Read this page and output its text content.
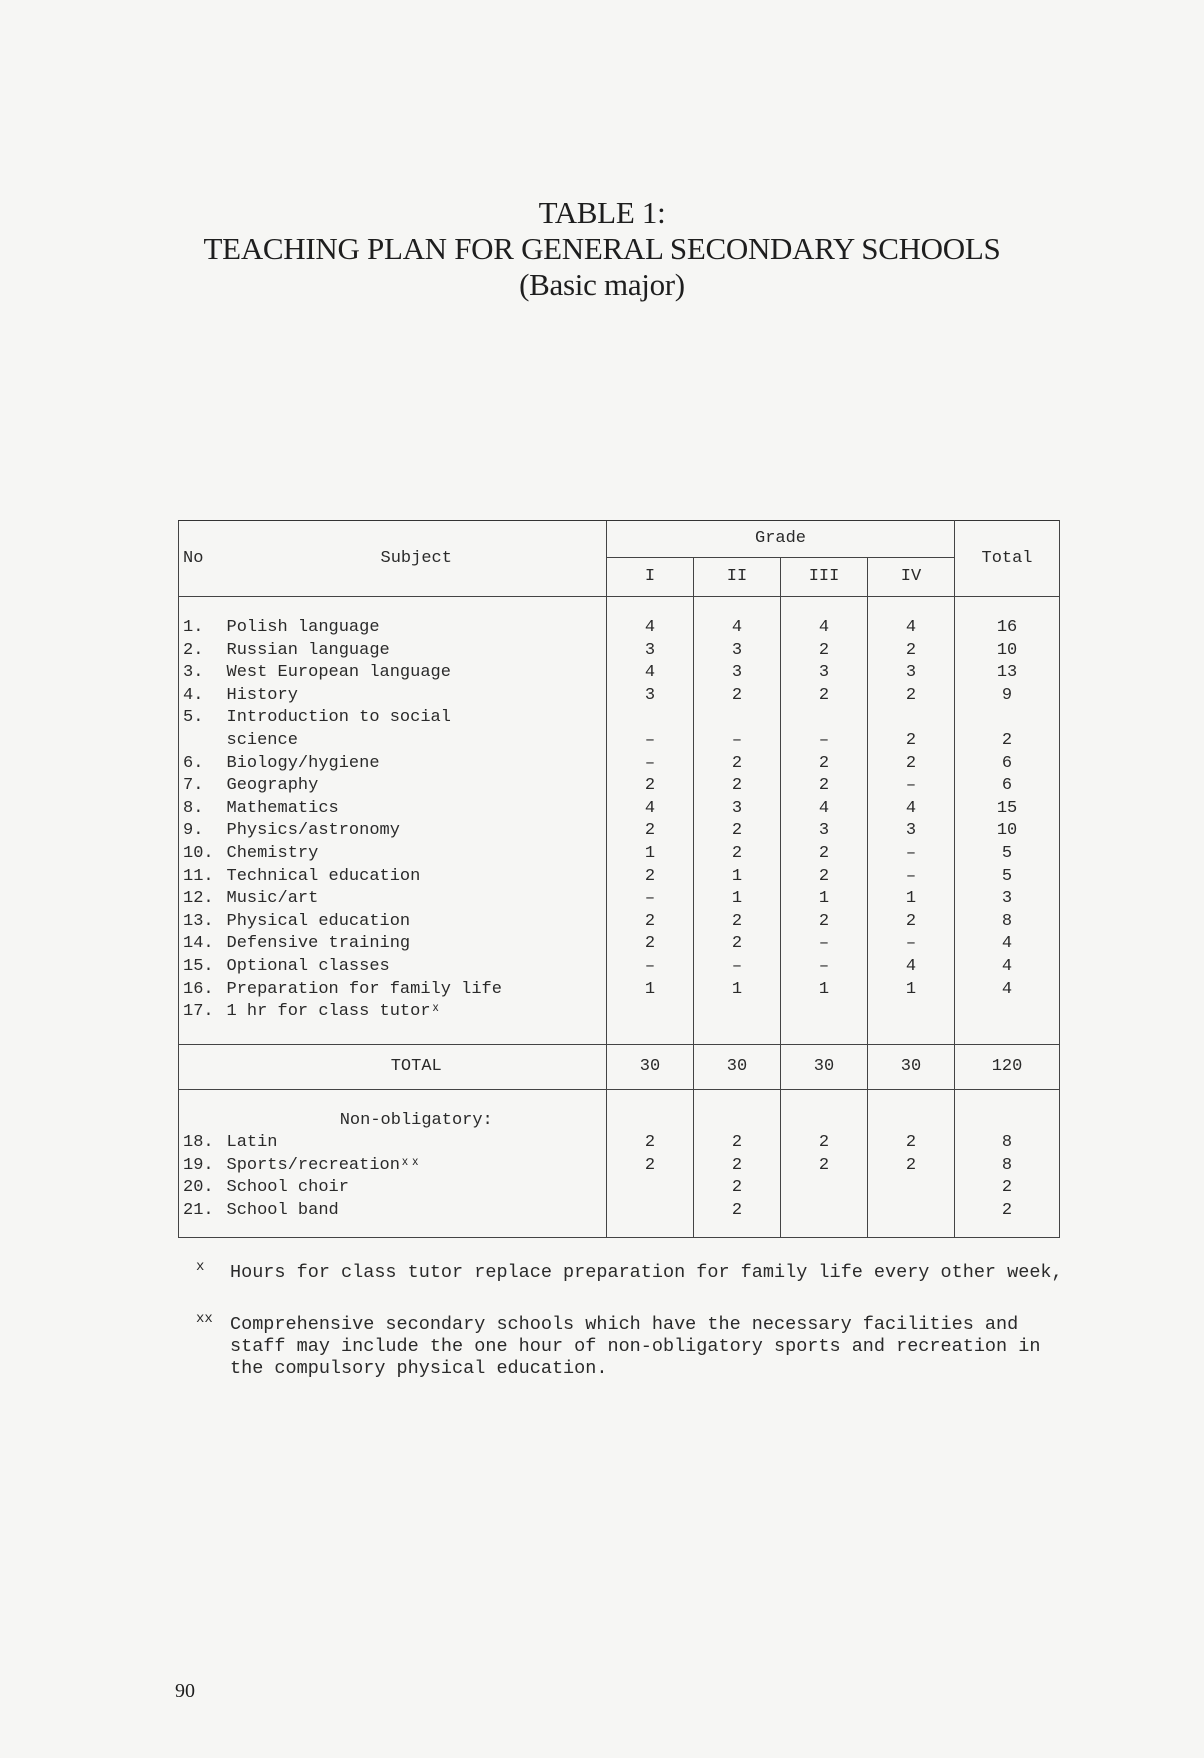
TABLE 1:
TEACHING PLAN FOR GENERAL SECONDARY SCHOOLS
(Basic major)
No	Subject	Grade				Total
		I	II	III	IV	

1.	Polish language	4	4	4	4	16
2.	Russian language	3	3	2	2	10
3.	West European language	4	3	3	3	13
4.	History	3	2	2	2	9
5.	Introduction to social					
	science	–	–	–	2	2
6.	Biology/hygiene	–	2	2	2	6
7.	Geography	2	2	2	–	6
8.	Mathematics	4	3	4	4	15
9.	Physics/astronomy	2	2	3	3	10
10.	Chemistry	1	2	2	–	5
11.	Technical education	2	1	2	–	5
12.	Music/art	–	1	1	1	3
13.	Physical education	2	2	2	2	8
14.	Defensive training	2	2	–	–	4
15.	Optional classes	–	–	–	4	4
16.	Preparation for family life	1	1	1	1	4
17.	1 hr for class tutorˣ					

	TOTAL	30	30	30	30	120

	Non-obligatory:					
18.	Latin	2	2	2	2	8
19.	Sports/recreationˣˣ	2	2	2	2	8
20.	School choir		2			2
21.	School band		2			2

x Hours for class tutor replace preparation for family life every other week,
xx Comprehensive secondary schools which have the necessary facilities and staff may include the one hour of non-obligatory sports and recreation in the compulsory physical education.
90
